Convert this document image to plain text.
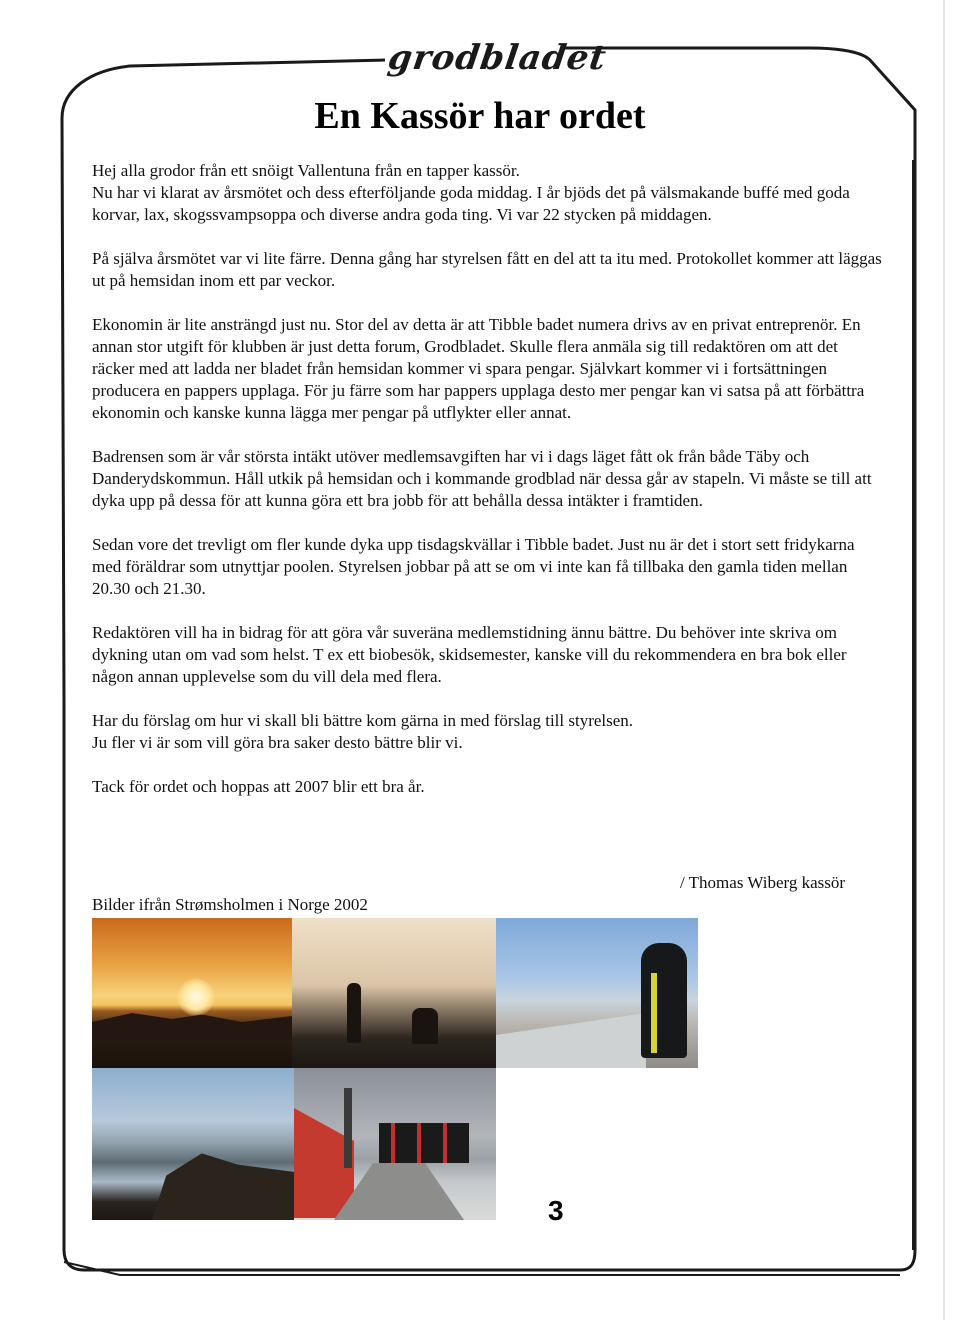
grodbladet
En Kassör har ordet

Hej alla grodor från ett snöigt Vallentuna från en tapper kassör.
Nu har vi klarat av årsmötet och dess efterföljande goda middag. I år bjöds det på välsmakande buffé med goda korvar, lax, skogssvampsoppa och diverse andra goda ting. Vi var 22 stycken på middagen.

På själva årsmötet var vi lite färre. Denna gång har styrelsen fått en del att ta itu med. Protokollet kommer att läggas ut på hemsidan inom ett par veckor.

Ekonomin är lite ansträngd just nu. Stor del av detta är att Tibble badet numera drivs av en privat entreprenör. En annan stor utgift för klubben är just detta forum, Grodbladet. Skulle flera anmäla sig till redaktören om att det räcker med att ladda ner bladet från hemsidan kommer vi spara pengar. Självkart kommer vi i fortsättningen producera en pappers upplaga. För ju färre som har pappers upplaga desto mer pengar kan vi satsa på att förbättra ekonomin och kanske kunna lägga mer pengar på utflykter eller annat.

Badrensen som är vår största intäkt utöver medlemsavgiften har vi i dags läget fått ok från både Täby och Danderydskommun. Håll utkik på hemsidan och i kommande grodblad när dessa går av stapeln. Vi måste se till att dyka upp på dessa för att kunna göra ett bra jobb för att behålla dessa intäkter i framtiden.

Sedan vore det trevligt om fler kunde dyka upp tisdagskvällar i Tibble badet. Just nu är det i stort sett fridykarna med föräldrar som utnyttjar poolen. Styrelsen jobbar på att se om vi inte kan få tillbaka den gamla tiden mellan 20.30 och 21.30.

Redaktören vill ha in bidrag för att göra vår suveräna medlemstidning ännu bättre. Du behöver inte skriva om dykning utan om vad som helst. T ex ett biobesök, skidsemester, kanske vill du rekommendera en bra bok eller någon annan upplevelse som du vill dela med flera.

Har du förslag om hur vi skall bli bättre kom gärna in med förslag till styrelsen.
Ju fler vi är som vill göra bra saker desto bättre blir vi.

Tack för ordet och hoppas att 2007 blir ett bra år.

/ Thomas Wiberg kassör
Bilder ifrån Strømsholmen i Norge 2002
3
